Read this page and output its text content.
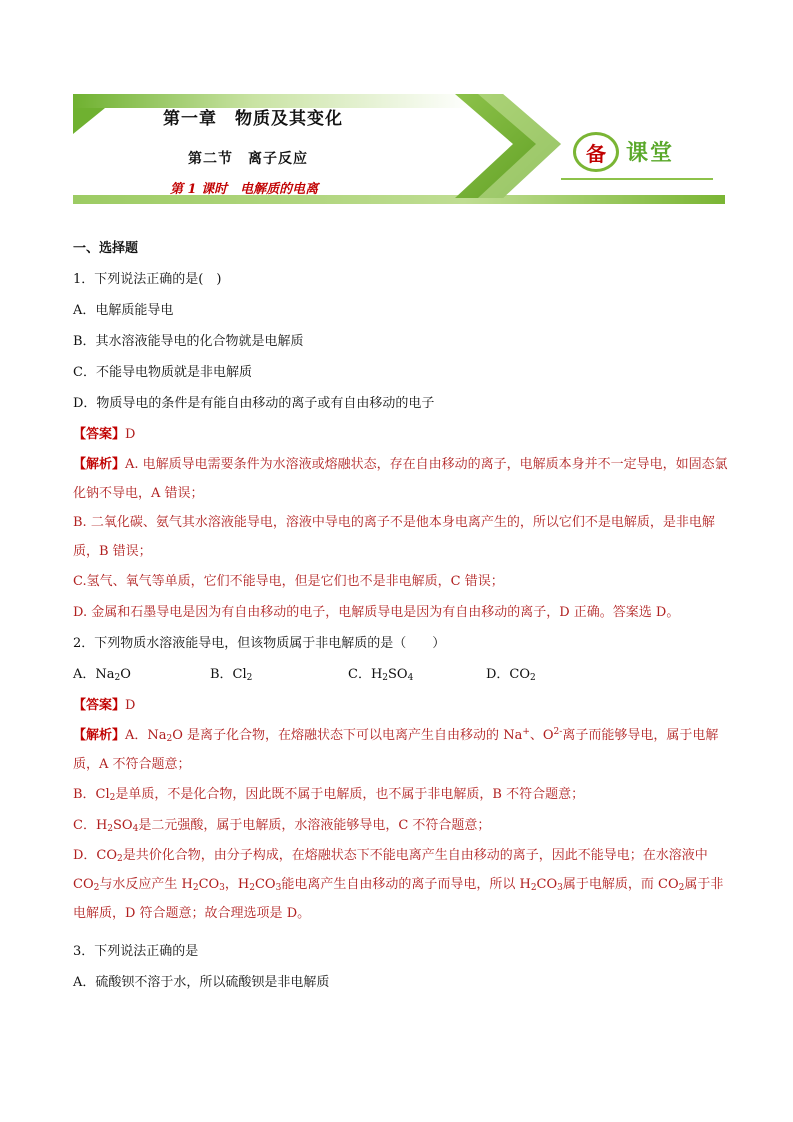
第一章　物质及其变化
第二节　离子反应
第 1 课时　电解质的电离
备 课堂
一、选择题
1．下列说法正确的是(　)
A．电解质能导电
B．其水溶液能导电的化合物就是电解质
C．不能导电物质就是非电解质
D．物质导电的条件是有能自由移动的离子或有自由移动的电子
【答案】D
【解析】A. 电解质导电需要条件为水溶液或熔融状态，存在自由移动的离子，电解质本身并不一定导电，如固态氯化钠不导电，A 错误；
B. 二氧化碳、氨气其水溶液能导电，溶液中导电的离子不是他本身电离产生的，所以它们不是电解质，是非电解质，B 错误；
C.氢气、氧气等单质，它们不能导电，但是它们也不是非电解质，C 错误；
D. 金属和石墨导电是因为有自由移动的电子，电解质导电是因为有自由移动的离子，D 正确。答案选 D。
2．下列物质水溶液能导电，但该物质属于非电解质的是（　　）
A．$Na_2O$	B．$Cl_2$	C．$H_2SO_4$	D．$CO_2$
【答案】D
【解析】A．$Na_2O$ 是离子化合物，在熔融状态下可以电离产生自由移动的 Na+、$O^{2-}$离子而能够导电，属于电解质，A 不符合题意；
B．$Cl_2$是单质，不是化合物，因此既不属于电解质，也不属于非电解质，B 不符合题意；
C．$H_2SO_4$是二元强酸，属于电解质，水溶液能够导电，C 不符合题意；
D．$CO_2$是共价化合物，由分子构成，在熔融状态下不能电离产生自由移动的离子，因此不能导电；在水溶液中 $CO_2$与水反应产生 $H_2CO_3$，$H_2CO_3$能电离产生自由移动的离子而导电，所以 $H_2CO_3$属于电解质，而 $CO_2$属于非电解质，D 符合题意；故合理选项是 D。
3．下列说法正确的是
A．硫酸钡不溶于水，所以硫酸钡是非电解质
